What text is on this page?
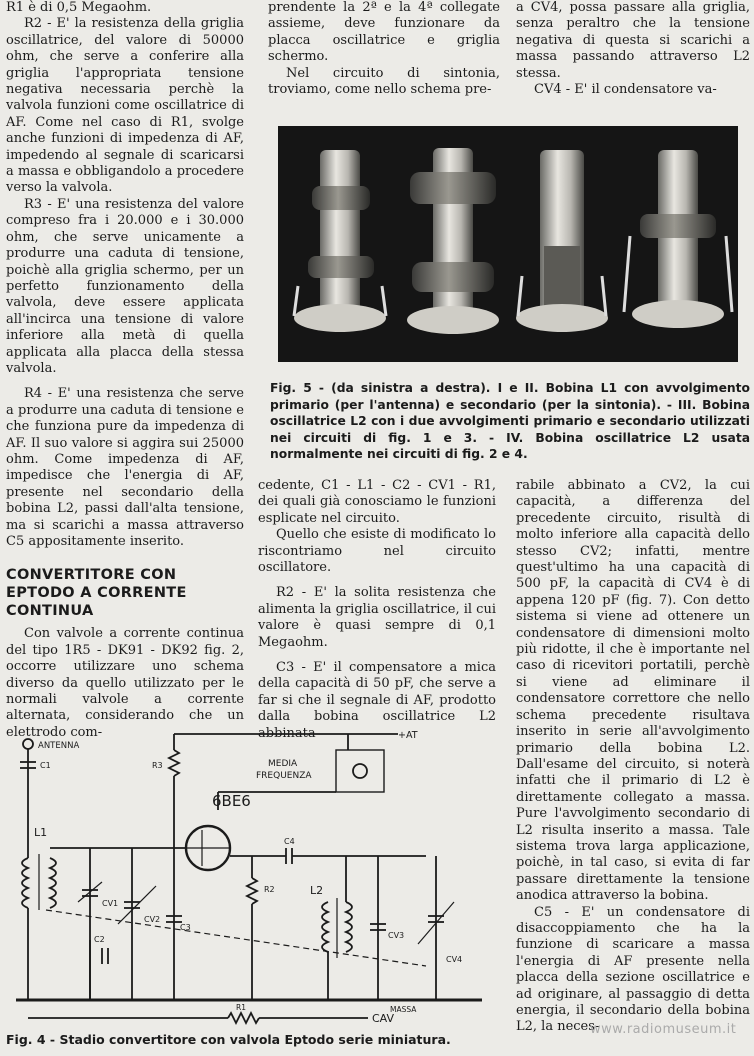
R1 è di 0,5 Megaohm.

R2 - E' la resistenza della griglia oscillatrice, del valore di 50000 ohm, che serve a conferire alla griglia l'appropriata tensione negativa necessaria perchè la valvola funzioni come oscillatrice di AF. Come nel caso di R1, svolge anche funzioni di impedenza di AF, impedendo al segnale di scaricarsi a massa e obbligandolo a procedere verso la valvola.

R3 - E' una resistenza del valore compreso fra i 20.000 e i 30.000 ohm, che serve unicamente a produrre una caduta di tensione, poichè alla griglia schermo, per un perfetto funzionamento della valvola, deve essere applicata all'incirca una tensione di valore inferiore alla metà di quella applicata alla placca della stessa valvola.

R4 - E' una resistenza che serve a produrre una caduta di tensione e che funziona pure da impedenza di AF. Il suo valore si aggira sui 25000 ohm. Come impedenza di AF, impedisce che l'energia di AF, presente nel secondario della bobina L2, passi dall'alta tensione, ma si scarichi a massa attraverso C5 appositamente inserito.

CONVERTITORE CON EPTODO A CORRENTE CONTINUA

Con valvole a corrente continua del tipo 1R5 - DK91 - DK92 fig. 2, occorre utilizzare uno schema diverso da quello utilizzato per le normali valvole a corrente alternata, considerando che un elettrodo com-

prendente la 2ª e la 4ª collegate assieme, deve funzionare da placca oscillatrice e griglia schermo.

Nel circuito di sintonia, troviamo, come nello schema pre-

a CV4, possa passare alla griglia, senza peraltro che la tensione negativa di questa si scarichi a massa passando attraverso L2 stessa.

CV4 - E' il condensatore va-

Fig. 5 - (da sinistra a destra). I e II. Bobina L1 con avvolgimento primario (per l'antenna) e secondario (per la sintonia). - III. Bobina oscillatrice L2 con i due avvolgimenti primario e secondario utilizzati nei circuiti di fig. 1 e 3. - IV. Bobina oscillatrice L2 usata normalmente nei circuiti di fig. 2 e 4.

cedente, C1 - L1 - C2 - CV1 - R1, dei quali già conosciamo le funzioni esplicate nel circuito.

Quello che esiste di modificato lo riscontriamo nel circuito oscillatore.

R2 - E' la solita resistenza che alimenta la griglia oscillatrice, il cui valore è quasi sempre di 0,1 Megaohm.

C3 - E' il compensatore a mica della capacità di 50 pF, che serve a far si che il segnale di AF, prodotto dalla bobina oscillatrice L2 abbinata

rabile abbinato a CV2, la cui capacità, a differenza del precedente circuito, risultà di molto inferiore alla capacità dello stesso CV2; infatti, mentre quest'ultimo ha una capacità di 500 pF, la capacità di CV4 è di appena 120 pF (fig. 7). Con detto sistema si viene ad ottenere un condensatore di dimensioni molto più ridotte, il che è importante nel caso di ricevitori portatili, perchè si viene ad eliminare il condensatore correttore che nello schema precedente risultava inserito in serie all'avvolgimento primario della bobina L2. Dall'esame del circuito, si noterà infatti che il primario di L2 è direttamente collegato a massa. Pure l'avvolgimento secondario di L2 risulta inserito a massa. Tale sistema trova larga applicazione, poichè, in tal caso, si evita di far passare direttamente la tensione anodica attraverso la bobina.

C5 - E' un condensatore di disaccoppiamento che ha la funzione di scaricare a massa l'energia di AF presente nella placca della sezione oscillatrice e ad originare, al passaggio di detta energia, il secondario della bobina L2, la neces-

ANTENNA
C1
L1
MASSA
CV1
C2
CV2
C3
R3
+AT
MEDIA
FREQUENZA
6BE6
C4
R2	L2
CV3
CV4
R1
CAV
Fig. 4 - Stadio convertitore con valvola Eptodo serie miniatura.
www.radiomuseum.it
